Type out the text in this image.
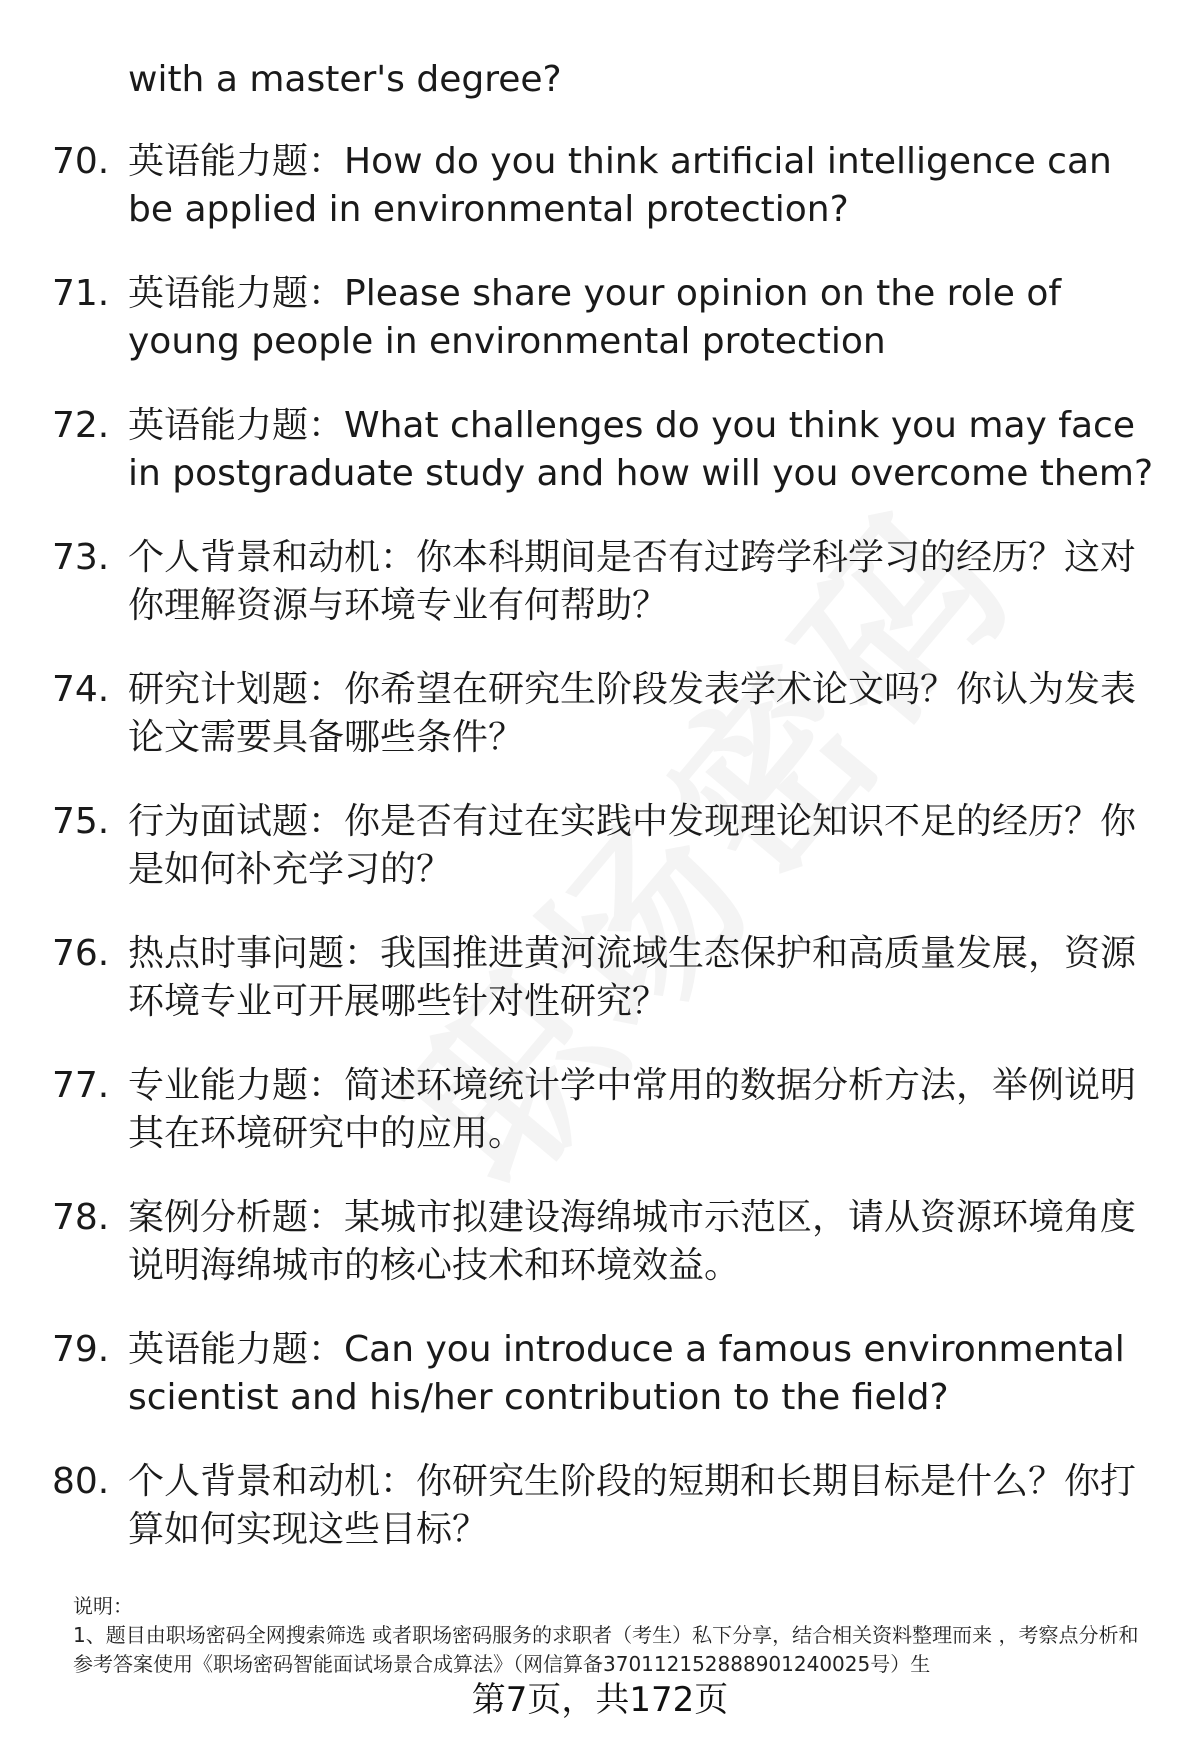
with a master's degree?
70. 英语能力题：How do you think artificial intelligence can be applied in environmental protection?
71. 英语能力题：Please share your opinion on the role of young people in environmental protection
72. 英语能力题：What challenges do you think you may face in postgraduate study and how will you overcome them?
73. 个人背景和动机：你本科期间是否有过跨学科学习的经历？这对你理解资源与环境专业有何帮助？
74. 研究计划题：你希望在研究生阶段发表学术论文吗？你认为发表论文需要具备哪些条件？
75. 行为面试题：你是否有过在实践中发现理论知识不足的经历？你是如何补充学习的？
76. 热点时事问题：我国推进黄河流域生态保护和高质量发展，资源环境专业可开展哪些针对性研究？
77. 专业能力题：简述环境统计学中常用的数据分析方法，举例说明其在环境研究中的应用。
78. 案例分析题：某城市拟建设海绵城市示范区，请从资源环境角度说明海绵城市的核心技术和环境效益。
79. 英语能力题：Can you introduce a famous environmental scientist and his/her contribution to the field?
80. 个人背景和动机：你研究生阶段的短期和长期目标是什么？你打算如何实现这些目标？
说明：
1、题目由职场密码全网搜索筛选 或者职场密码服务的求职者（考生）私下分享，结合相关资料整理而来 ，考察点分析和参考答案使用《职场密码智能面试场景合成算法》（网信算备370112152888901240025号）生
第7页，共172页
